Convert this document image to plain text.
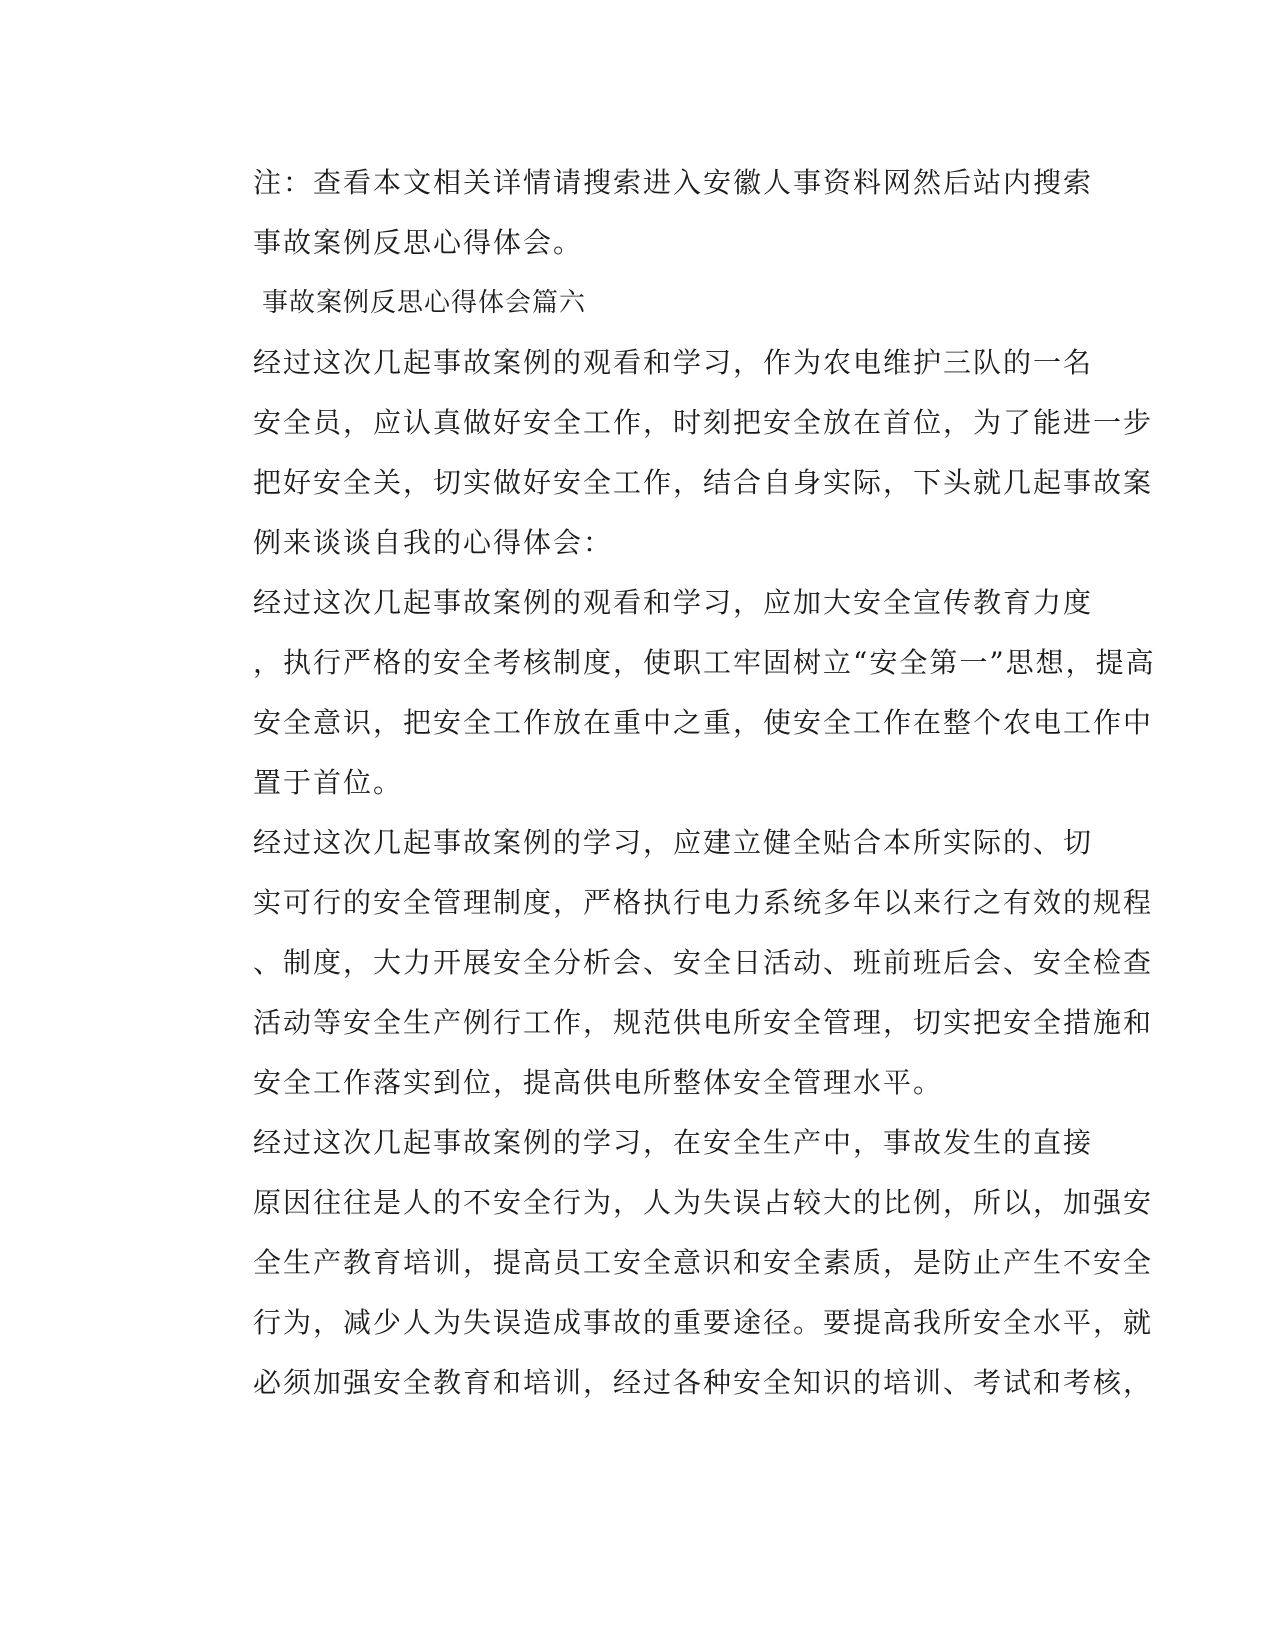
注：查看本文相关详情请搜索进入安徽人事资料网然后站内搜索
事故案例反思心得体会。

事故案例反思心得体会篇六

经过这次几起事故案例的观看和学习，作为农电维护三队的一名
安全员，应认真做好安全工作，时刻把安全放在首位，为了能进一步
把好安全关，切实做好安全工作，结合自身实际，下头就几起事故案
例来谈谈自我的心得体会：

经过这次几起事故案例的观看和学习，应加大安全宣传教育力度
，执行严格的安全考核制度，使职工牢固树立“安全第一”思想，提高
安全意识，把安全工作放在重中之重，使安全工作在整个农电工作中
置于首位。

经过这次几起事故案例的学习，应建立健全贴合本所实际的、切
实可行的安全管理制度，严格执行电力系统多年以来行之有效的规程
、制度，大力开展安全分析会、安全日活动、班前班后会、安全检查
活动等安全生产例行工作，规范供电所安全管理，切实把安全措施和
安全工作落实到位，提高供电所整体安全管理水平。

经过这次几起事故案例的学习，在安全生产中，事故发生的直接
原因往往是人的不安全行为，人为失误占较大的比例，所以，加强安
全生产教育培训，提高员工安全意识和安全素质，是防止产生不安全
行为，减少人为失误造成事故的重要途径。要提高我所安全水平，就
必须加强安全教育和培训，经过各种安全知识的培训、考试和考核，
